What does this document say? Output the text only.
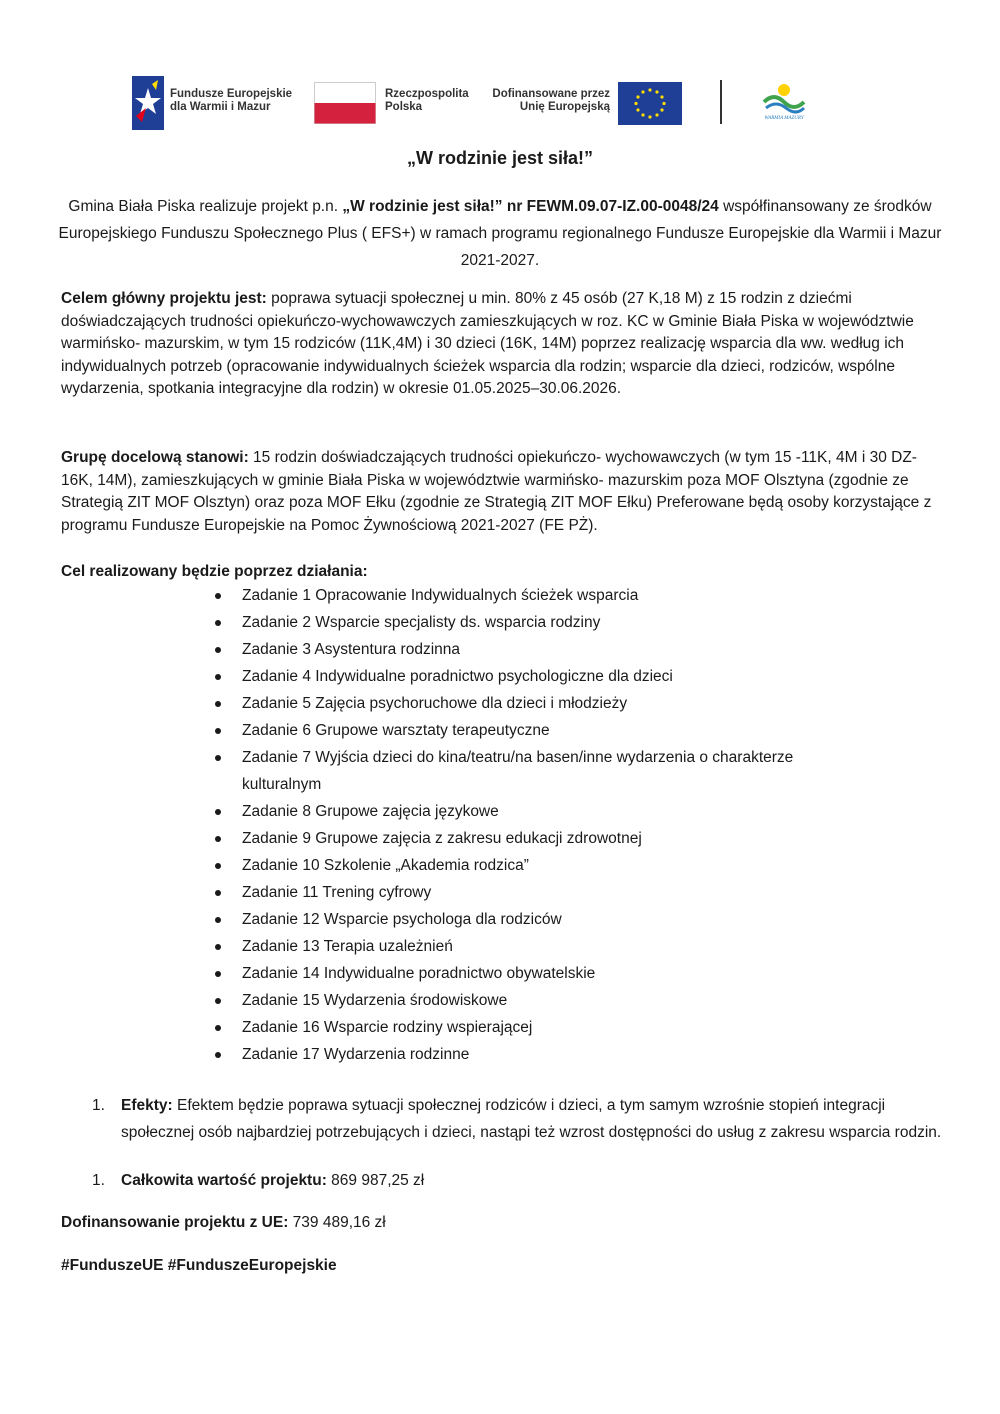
Fundusze Europejskie
dla Warmii i Mazur
Rzeczpospolita
Polska
Dofinansowane przez
Unię Europejską
WARMIA MAZURY
„W rodzinie jest siła!”
Gmina Biała Piska realizuje projekt p.n. „W rodzinie jest siła!” nr FEWM.09.07-IZ.00-0048/24 współfinansowany ze środków Europejskiego Funduszu Społecznego Plus ( EFS+) w ramach programu regionalnego Fundusze Europejskie dla Warmii i Mazur 2021-2027.
Celem główny projektu jest: poprawa sytuacji społecznej u min. 80% z 45 osób (27 K,18 M) z 15 rodzin z dziećmi doświadczających trudności opiekuńczo-wychowawczych zamieszkujących w roz. KC w Gminie Biała Piska w województwie warmińsko- mazurskim, w tym 15 rodziców (11K,4M) i 30 dzieci (16K, 14M) poprzez realizację wsparcia dla ww. według ich indywidualnych potrzeb (opracowanie indywidualnych ścieżek wsparcia dla rodzin; wsparcie dla dzieci, rodziców, wspólne wydarzenia, spotkania integracyjne dla rodzin) w okresie 01.05.2025–30.06.2026.
Grupę docelową stanowi: 15 rodzin doświadczających trudności opiekuńczo- wychowawczych (w tym 15 -11K, 4M i 30 DZ-16K, 14M), zamieszkujących w gminie Biała Piska w województwie warmińsko- mazurskim poza MOF Olsztyna (zgodnie ze Strategią ZIT MOF Olsztyn) oraz poza MOF Ełku (zgodnie ze Strategią ZIT MOF Ełku) Preferowane będą osoby korzystające z programu Fundusze Europejskie na Pomoc Żywnościową 2021-2027 (FE PŻ).
Cel realizowany będzie poprzez działania:
Zadanie 1 Opracowanie Indywidualnych ścieżek wsparcia
Zadanie 2 Wsparcie specjalisty ds. wsparcia rodziny
Zadanie 3 Asystentura rodzinna
Zadanie 4 Indywidualne poradnictwo psychologiczne dla dzieci
Zadanie 5 Zajęcia psychoruchowe dla dzieci i młodzieży
Zadanie 6 Grupowe warsztaty terapeutyczne
Zadanie 7 Wyjścia dzieci do kina/teatru/na basen/inne wydarzenia o charakterze kulturalnym
Zadanie 8 Grupowe zajęcia językowe
Zadanie 9 Grupowe zajęcia z zakresu edukacji zdrowotnej
Zadanie 10 Szkolenie „Akademia rodzica”
Zadanie 11 Trening cyfrowy
Zadanie 12 Wsparcie psychologa dla rodziców
Zadanie 13 Terapia uzależnień
Zadanie 14 Indywidualne poradnictwo obywatelskie
Zadanie 15 Wydarzenia środowiskowe
Zadanie 16 Wsparcie rodziny wspierającej
Zadanie 17 Wydarzenia rodzinne
1. Efekty: Efektem będzie poprawa sytuacji społecznej rodziców i dzieci, a tym samym wzrośnie stopień integracji społecznej osób najbardziej potrzebujących i dzieci, nastąpi też wzrost dostępności do usług z zakresu wsparcia rodzin.
1. Całkowita wartość projektu: 869 987,25 zł
Dofinansowanie projektu z UE: 739 489,16 zł
#FunduszeUE #FunduszeEuropejskie
